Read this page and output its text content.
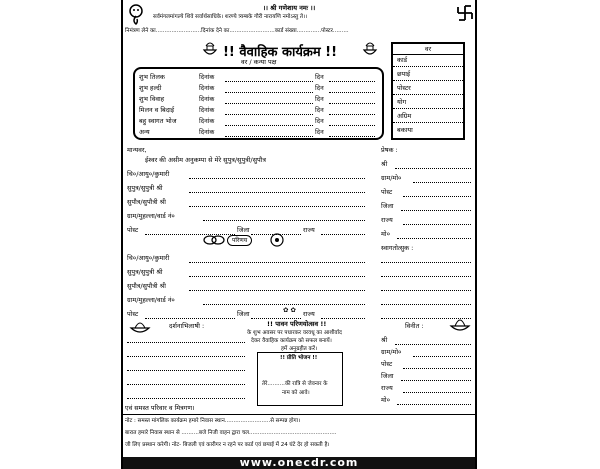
।। श्री गणेशाय नमः ।।
सर्वमंगलमांगल्ये शिवे सर्वार्थसाधिके। शरण्ये त्र्यम्बके गौरी नारायणि नमोऽस्तु ते।।
निमंत्रण लेने का..........................दिनांक देने का..........................कार्ड संख्या..............पोस्टर.........
!! वैवाहिक कार्यक्रम !!
वर / कन्या पक्ष
शुभ तिलक	दिनांक	दिन
शुभ हल्दी	दिनांक	दिन
शुभ विवाह	दिनांक	दिन
मिलन व बिदाई	दिनांक	दिन
बहु स्वागत भोज	दिनांक	दिन
अन्य	दिनांक	दिन
वर
कार्ड
छपाई
पोस्टर
योग
अग्रिम
बकाया
मान्यवर,
ईश्वर की असीम अनुकम्पा से मेरे सुपुत्र/सुपुत्री/सुपौत्र
प्रेषक :
चि०/आयु०/कुमारी
सुपुत्र/सुपुत्री श्री
सुपौत्र/सुपौत्री श्री
ग्राम/मुहल्ला/वार्ड नं०
पोस्ट	जिला	राज्य
श्री
ग्राम/मो०
पोस्ट
जिला
राज्य
मो०
परिणय
चि०/आयु०/कुमारी
सुपुत्र/सुपुत्री श्री
सुपौत्र/सुपौत्री श्री
ग्राम/मुहल्ला/वार्ड नं०
पोस्ट	जिला	राज्य
स्वागतोत्सुक :
✿ ✿
दर्शनाभिलाषी :	!! पावन परिणयोत्सव !!
के शुभ अवसर पर पधारकर वरवधू का आशीर्वाद
देकर वैवाहिक कार्यक्रम को सफल बनायें।
हमें अनुग्रहीत करें।
!! प्रीति भोजन !!
तेरे..........की रात्रि से जेवनार के
नाम को आवे।
विनीत :
श्री
ग्राम/मो०
पोस्ट
जिला
राज्य
मो०
एवं समस्त परिवार व मित्रगण।
नोट : समस्त मांगलिक कार्यक्रम हमारे निवास स्थान..........................से सम्पन्न होगा।
बारात हमारे निवास स्थान से ..........बजे निजी वाहन द्वारा चल..................................................
जी लिए प्रस्थान करेगी। नोट- बिजली एवं कारीगर न रहने पर कार्ड एवं छपाई में 24 घंटे देर हो सकती है।
www.onecdr.com
